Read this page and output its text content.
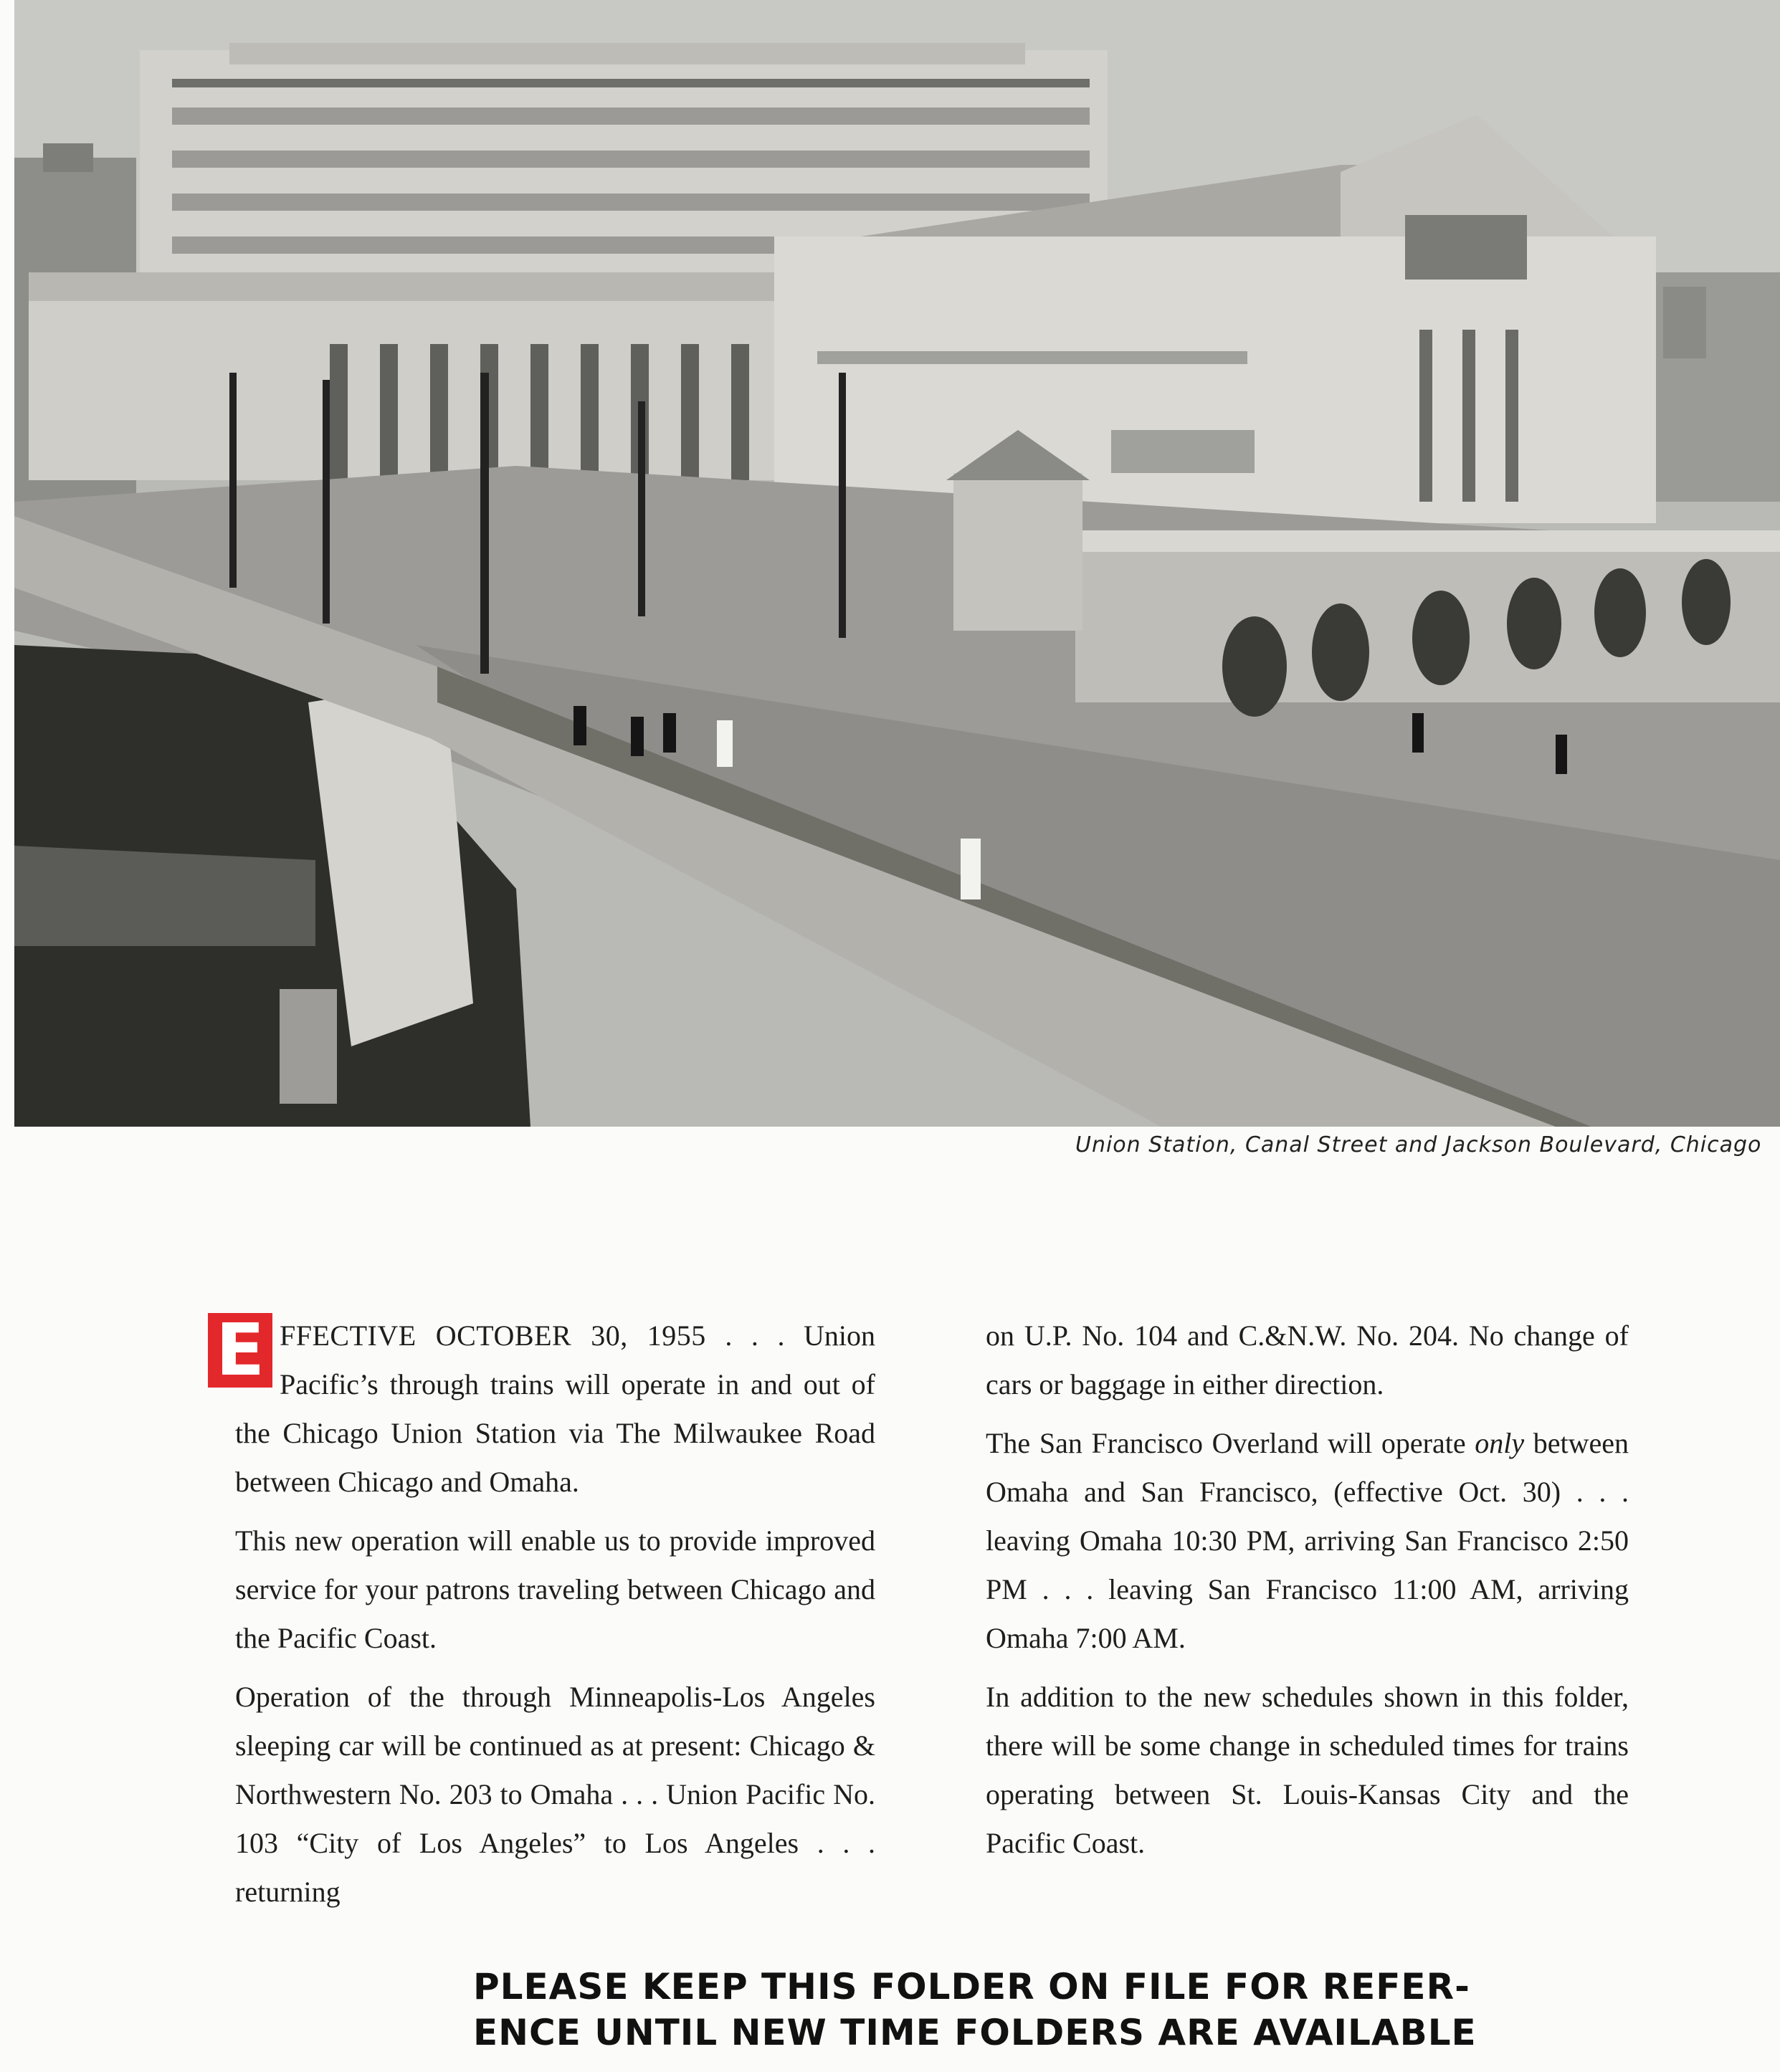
Union Station, Canal Street and Jackson Boulevard, Chicago

E FFECTIVE OCTOBER 30, 1955 . . . Union Pacific’s through trains will operate in and out of the Chicago Union Station via The Milwaukee Road between Chicago and Omaha.

This new operation will enable us to provide improved service for your patrons traveling between Chicago and the Pacific Coast.

Operation of the through Minneapolis-Los Angeles sleeping car will be continued as at present: Chicago & Northwestern No. 203 to Omaha . . . Union Pacific No. 103 “City of Los Angeles” to Los Angeles . . . returning

on U.P. No. 104 and C.&N.W. No. 204. No change of cars or baggage in either direction.

The San Francisco Overland will operate only between Omaha and San Francisco, (effective Oct. 30) . . . leaving Omaha 10:30 PM, arriving San Francisco 2:50 PM . . . leaving San Francisco 11:00 AM, arriving Omaha 7:00 AM.

In addition to the new schedules shown in this folder, there will be some change in scheduled times for trains operating between St. Louis-Kansas City and the Pacific Coast.

PLEASE KEEP THIS FOLDER ON FILE FOR REFER-
ENCE UNTIL NEW TIME FOLDERS ARE AVAILABLE
